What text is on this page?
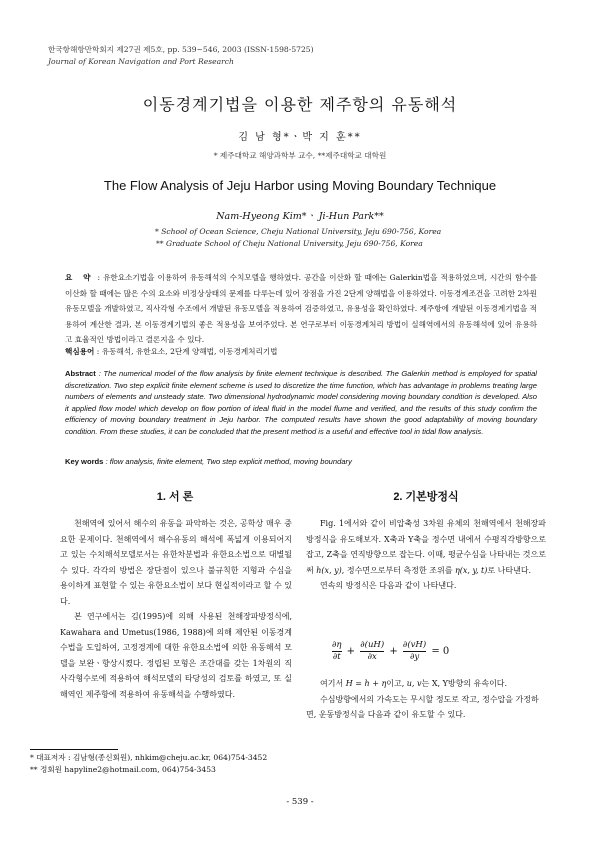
한국항해항만학회지 제27권 제5호, pp. 539~546, 2003 (ISSN-1598-5725)
Journal of Korean Navigation and Port Research
이동경계기법을 이용한 제주항의 유동해석
김 남 형*ㆍ박 지 훈**
* 제주대학교 해양과학부 교수, **제주대학교 대학원
The Flow Analysis of Jeju Harbor using Moving Boundary Technique
Nam-Hyeong Kim*ㆍ Ji-Hun Park**
* School of Ocean Science, Cheju National University, Jeju 690-756, Korea
** Graduate School of Cheju National University, Jeju 690-756, Korea
요 약 : 유한요소기법을 이용하여 유동해석의 수치모델을 행하였다. 공간을 이산화 할 때에는 Galerkin법을 적용하였으며, 시간의 함수를 이산화 할 때에는 많은 수의 요소와 비정상상태의 문제를 다루는데 있어 장점을 가진 2단계 양해법을 이용하였다. 이동경계조건을 고려한 2차원 유동모델을 개발하였고, 직사각형 수조에서 개발된 유동모델을 적용하여 검증하였고, 유용성을 확인하였다. 제주항에 개발된 이동경계기법을 적용하여 계산한 결과, 본 이동경계기법의 좋은 적용성을 보여주었다. 본 연구로부터 이동경계처리 방법이 실해역에서의 유동해석에 있어 유용하고 효율적인 방법이라고 결론지을 수 있다.
핵심용어 : 유동해석, 유한요소, 2단계 양해법, 이동경계처리기법
Abstract : The numerical model of the flow analysis by finite element technique is described. The Galerkin method is employed for spatial discretization. Two step explicit finite element scheme is used to discretize the time function, which has advantage in problems treating large numbers of elements and unsteady state. Two dimensional hydrodynamic model considering moving boundary condition is developed. Also it applied flow model which develop on flow portion of ideal fluid in the model flume and verified, and the results of this study confirm the efficiency of moving boundary treatment in Jeju harbor. The computed results have shown the good adaptability of moving boundary condition. From these studies, it can be concluded that the present method is a useful and effective tool in tidal flow analysis.
Key words : flow analysis, finite element, Two step explicit method, moving boundary
1. 서 론	2. 기본방정식

천해역에 있어서 해수의 유동을 파악하는 것은, 공학상 매우 중요한 문제이다. 천해역에서 해수유동의 해석에 폭넓게 이용되어지고 있는 수치해석모델로서는 유한차분법과 유한요소법으로 대별될 수 있다. 각각의 방법은 장단점이 있으나 불규칙한 지형과 수심을 용이하게 표현할 수 있는 유한요소법이 보다 현실적이라고 할 수 있다.

본 연구에서는 김(1995)에 의해 사용된 천해장파방정식에, Kawahara and Umetus(1986, 1988)에 의해 제안된 이동경계 수법을 도입하여, 고정경계에 대한 유한요소법에 의한 유동해석 모델을 보완ㆍ향상시켰다. 정립된 모형은 조간대를 갖는 1차원의 직사각형수로에 적용하여 해석모델의 타당성의 검토를 하였고, 또 실해역인 제주항에 적용하여 유동해석을 수행하였다.

Fig. 1에서와 같이 비압축성 3차원 유체의 천해역에서 천해장파방정식을 유도해보자. X축과 Y축을 정수면 내에서 수평직각방향으로 잡고, Z축을 연직방향으로 잡는다. 이때, 평균수심을 나타내는 것으로써 h(x, y), 정수면으로부터 측정한 조위를 η(x, y, t)로 나타낸다.

연속의 방정식은 다음과 같이 나타낸다.

$\frac{\partial\eta}{\partial t} + \frac{\partial(uH)}{\partial x} + \frac{\partial(vH)}{\partial y} = 0$

여기서 H = h + η이고, u, v는 X, Y방향의 유속이다.

수심방향에서의 가속도는 무시할 정도로 작고, 정수압을 가정하면, 운동방정식을 다음과 같이 유도할 수 있다.

* 대표저자 : 김남형(종신회원), nhkim@cheju.ac.kr, 064)754-3452
** 정회원 hapyline2@hotmail.com, 064)754-3453
- 539 -
